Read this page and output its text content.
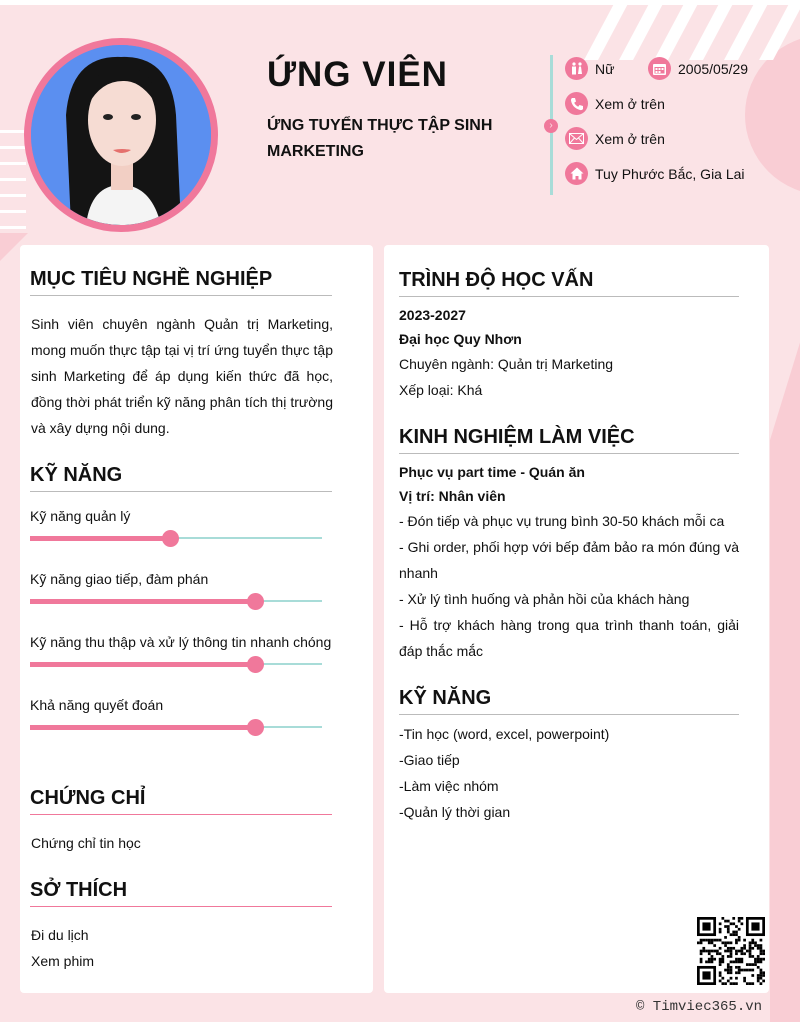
ỨNG VIÊN
ỨNG TUYỂN THỰC TẬP SINH MARKETING
›
Nữ	2005/05/29
Xem ở trên
Xem ở trên
Tuy Phước Bắc, Gia Lai
MỤC TIÊU NGHỀ NGHIỆP
Sinh viên chuyên ngành Quản trị Marketing, mong muốn thực tập tại vị trí ứng tuyển thực tập sinh Marketing để áp dụng kiến thức đã học, đồng thời phát triển kỹ năng phân tích thị trường và xây dựng nội dung.
KỸ NĂNG
Kỹ năng quản lý
Kỹ năng giao tiếp, đàm phán
Kỹ năng thu thập và xử lý thông tin nhanh chóng
Khả năng quyết đoán
CHỨNG CHỈ
Chứng chỉ tin học
SỞ THÍCH
Đi du lịch
Xem phim
TRÌNH ĐỘ HỌC VẤN
2023-2027
Đại học Quy Nhơn
Chuyên ngành: Quản trị Marketing
Xếp loại: Khá
KINH NGHIỆM LÀM VIỆC
Phục vụ part time - Quán ăn
Vị trí: Nhân viên
- Đón tiếp và phục vụ trung bình 30-50 khách mỗi ca
- Ghi order, phối hợp với bếp đảm bảo ra món đúng và nhanh
- Xử lý tình huống và phản hồi của khách hàng
- Hỗ trợ khách hàng trong qua trình thanh toán, giải đáp thắc mắc
KỸ NĂNG
-Tin học (word, excel, powerpoint)
-Giao tiếp
-Làm việc nhóm
-Quản lý thời gian
© Timviec365.vn
